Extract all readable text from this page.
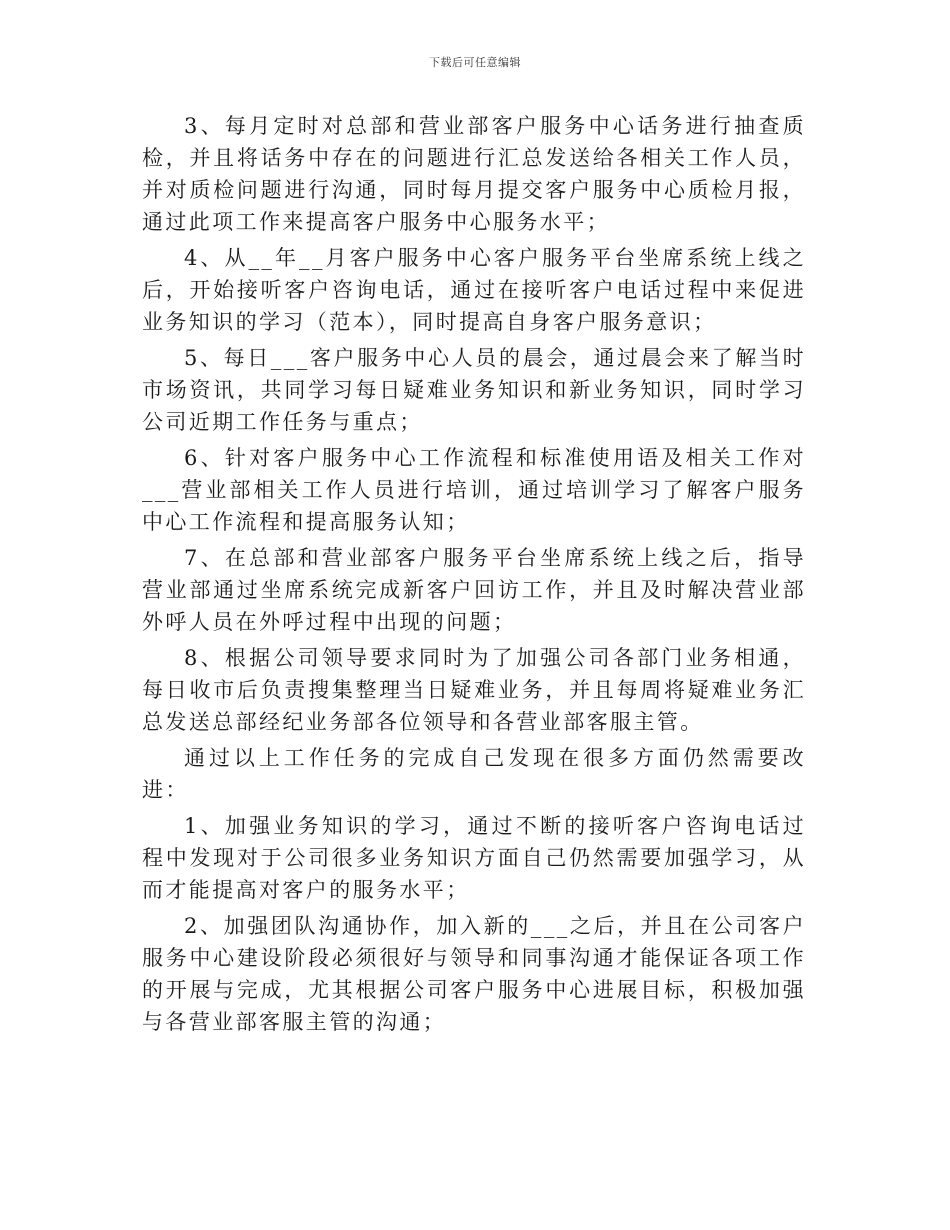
下载后可任意编辑

3、每月定时对总部和营业部客户服务中心话务进行抽查质检，并且将话务中存在的问题进行汇总发送给各相关工作人员，并对质检问题进行沟通，同时每月提交客户服务中心质检月报，通过此项工作来提高客户服务中心服务水平；

4、从__年__月客户服务中心客户服务平台坐席系统上线之后，开始接听客户咨询电话，通过在接听客户电话过程中来促进业务知识的学习（范本），同时提高自身客户服务意识；

5、每日___客户服务中心人员的晨会，通过晨会来了解当时市场资讯，共同学习每日疑难业务知识和新业务知识，同时学习公司近期工作任务与重点；

6、针对客户服务中心工作流程和标准使用语及相关工作对___营业部相关工作人员进行培训，通过培训学习了解客户服务中心工作流程和提高服务认知；

7、在总部和营业部客户服务平台坐席系统上线之后，指导营业部通过坐席系统完成新客户回访工作，并且及时解决营业部外呼人员在外呼过程中出现的问题；

8、根据公司领导要求同时为了加强公司各部门业务相通，每日收市后负责搜集整理当日疑难业务，并且每周将疑难业务汇总发送总部经纪业务部各位领导和各营业部客服主管。

通过以上工作任务的完成自己发现在很多方面仍然需要改进：

1、加强业务知识的学习，通过不断的接听客户咨询电话过程中发现对于公司很多业务知识方面自己仍然需要加强学习，从而才能提高对客户的服务水平；

2、加强团队沟通协作，加入新的___之后，并且在公司客户服务中心建设阶段必须很好与领导和同事沟通才能保证各项工作的开展与完成，尤其根据公司客户服务中心进展目标，积极加强与各营业部客服主管的沟通；
